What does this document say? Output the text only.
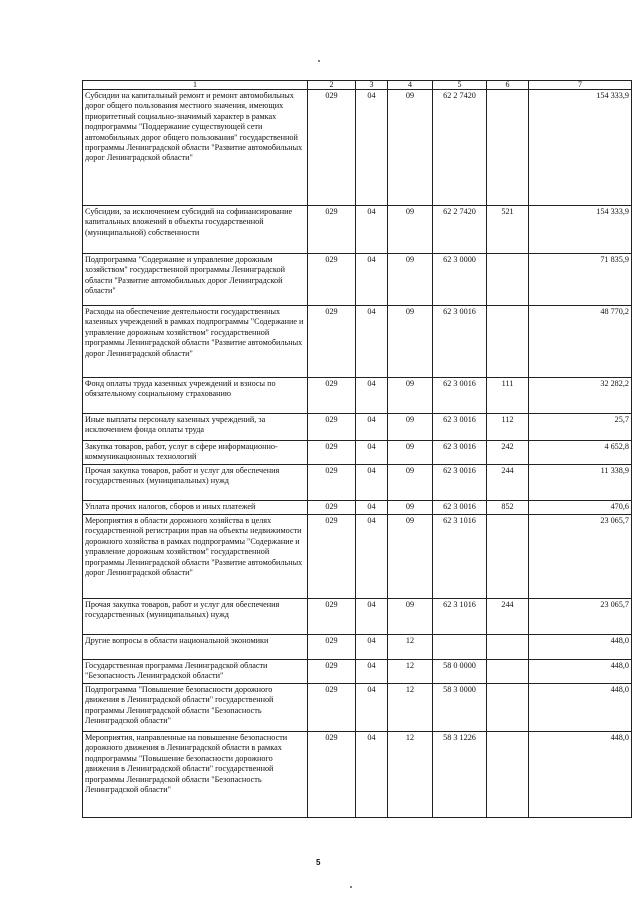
1	2	3	4	5	6	7
Субсидии на капитальный ремонт и ремонт автомобильных дорог общего пользования местного значения, имеющих приоритетный социально-значимый характер в рамках подпрограммы "Поддержание существующей сети автомобильных дорог общего пользования" государственной программы Ленинградской области "Развитие автомобильных дорог Ленинградской области"	029	04	09	62 2 7420		154 333,9
Субсидии, за исключением субсидий на софинансирование капитальных вложений в объекты государственной (муниципальной) собственности	029	04	09	62 2 7420	521	154 333,9
Подпрограмма "Содержание и управление дорожным хозяйством" государственной программы Ленинградской области "Развитие автомобильных дорог Ленинградской области"	029	04	09	62 3 0000		71 835,9
Расходы на обеспечение деятельности государственных казенных учреждений в рамках подпрограммы "Содержание и управление дорожным хозяйством" государственной программы Ленинградской области "Развитие автомобильных дорог Ленинградской области"	029	04	09	62 3 0016		48 770,2
Фонд оплаты труда казенных учреждений и взносы по обязательному социальному страхованию	029	04	09	62 3 0016	111	32 282,2
Иные выплаты персоналу казенных учреждений, за исключением фонда оплаты труда	029	04	09	62 3 0016	112	25,7
Закупка товаров, работ, услуг в сфере информационно-коммуникационных технологий	029	04	09	62 3 0016	242	4 652,8
Прочая закупка товаров, работ и услуг для обеспечения государственных (муниципальных) нужд	029	04	09	62 3 0016	244	11 338,9
Уплата прочих налогов, сборов и иных платежей	029	04	09	62 3 0016	852	470,6
Мероприятия в области дорожного хозяйства в целях государственной регистрации прав на объекты недвижимости дорожного хозяйства в рамках подпрограммы "Содержание и управление дорожным хозяйством" государственной программы Ленинградской области "Развитие автомобильных дорог Ленинградской области"	029	04	09	62 3 1016		23 065,7
Прочая закупка товаров, работ и услуг для обеспечения государственных (муниципальных) нужд	029	04	09	62 3 1016	244	23 065,7
Другие вопросы в области национальной экономики	029	04	12			448,0
Государственная программа Ленинградской области "Безопасность Ленинградской области"	029	04	12	58 0 0000		448,0
Подпрограмма "Повышение безопасности дорожного движения в Ленинградской области" государственной программы Ленинградской области "Безопасность Ленинградской области"	029	04	12	58 3 0000		448,0
Мероприятия, направленные на повышение безопасности дорожного движения в Ленинградской области в рамках подпрограммы "Повышение безопасности дорожного движения в Ленинградской области" государственной программы Ленинградской области "Безопасность Ленинградской области"	029	04	12	58 3 1226		448,0
5
